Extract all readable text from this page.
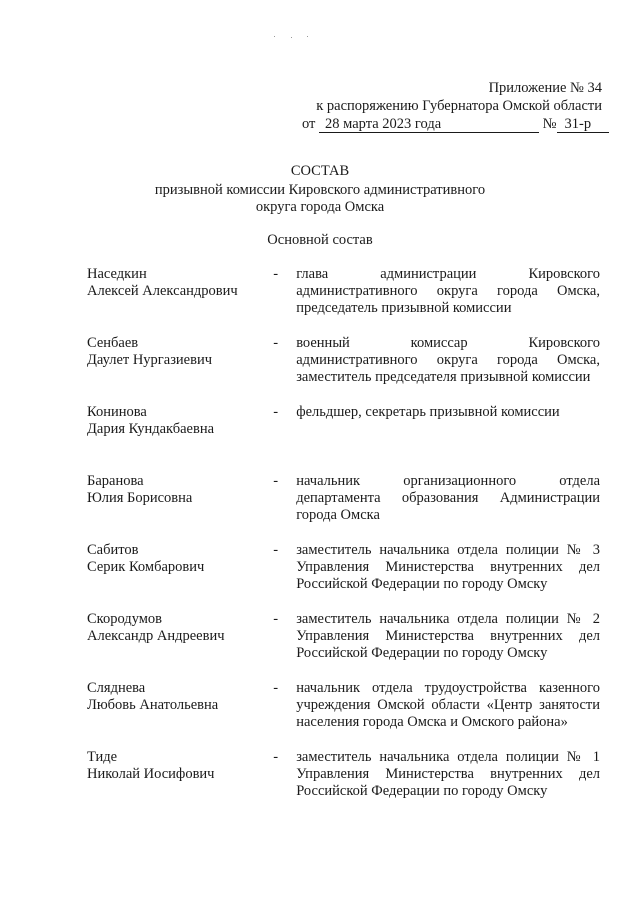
Приложение № 34
к распоряжению Губернатора Омской области
от 28 марта 2023 года	№ 31-р
СОСТАВ
призывной комиссии Кировского административного
округа города Омска
Основной состав
Наседкин
Алексей Александрович
-	глава администрации Кировского административного округа города Омска, председатель призывной комиссии
Сенбаев
Даулет Нургазиевич
-	военный комиссар Кировского административного округа города Омска, заместитель председателя призывной комиссии
Конинова
Дария Кундакбаевна
-	фельдшер, секретарь призывной комиссии
Баранова
Юлия Борисовна
-	начальник организационного отдела департамента образования Администрации города Омска
Сабитов
Серик Комбарович
-	заместитель начальника отдела полиции № 3 Управления Министерства внутренних дел Российской Федерации по городу Омску
Скородумов
Александр Андреевич
-	заместитель начальника отдела полиции № 2 Управления Министерства внутренних дел Российской Федерации по городу Омску
Сляднева
Любовь Анатольевна
-	начальник отдела трудоустройства казенного учреждения Омской области «Центр занятости населения города Омска и Омского района»
Тиде
Николай Иосифович
-	заместитель начальника отдела полиции № 1 Управления Министерства внутренних дел Российской Федерации по городу Омску
